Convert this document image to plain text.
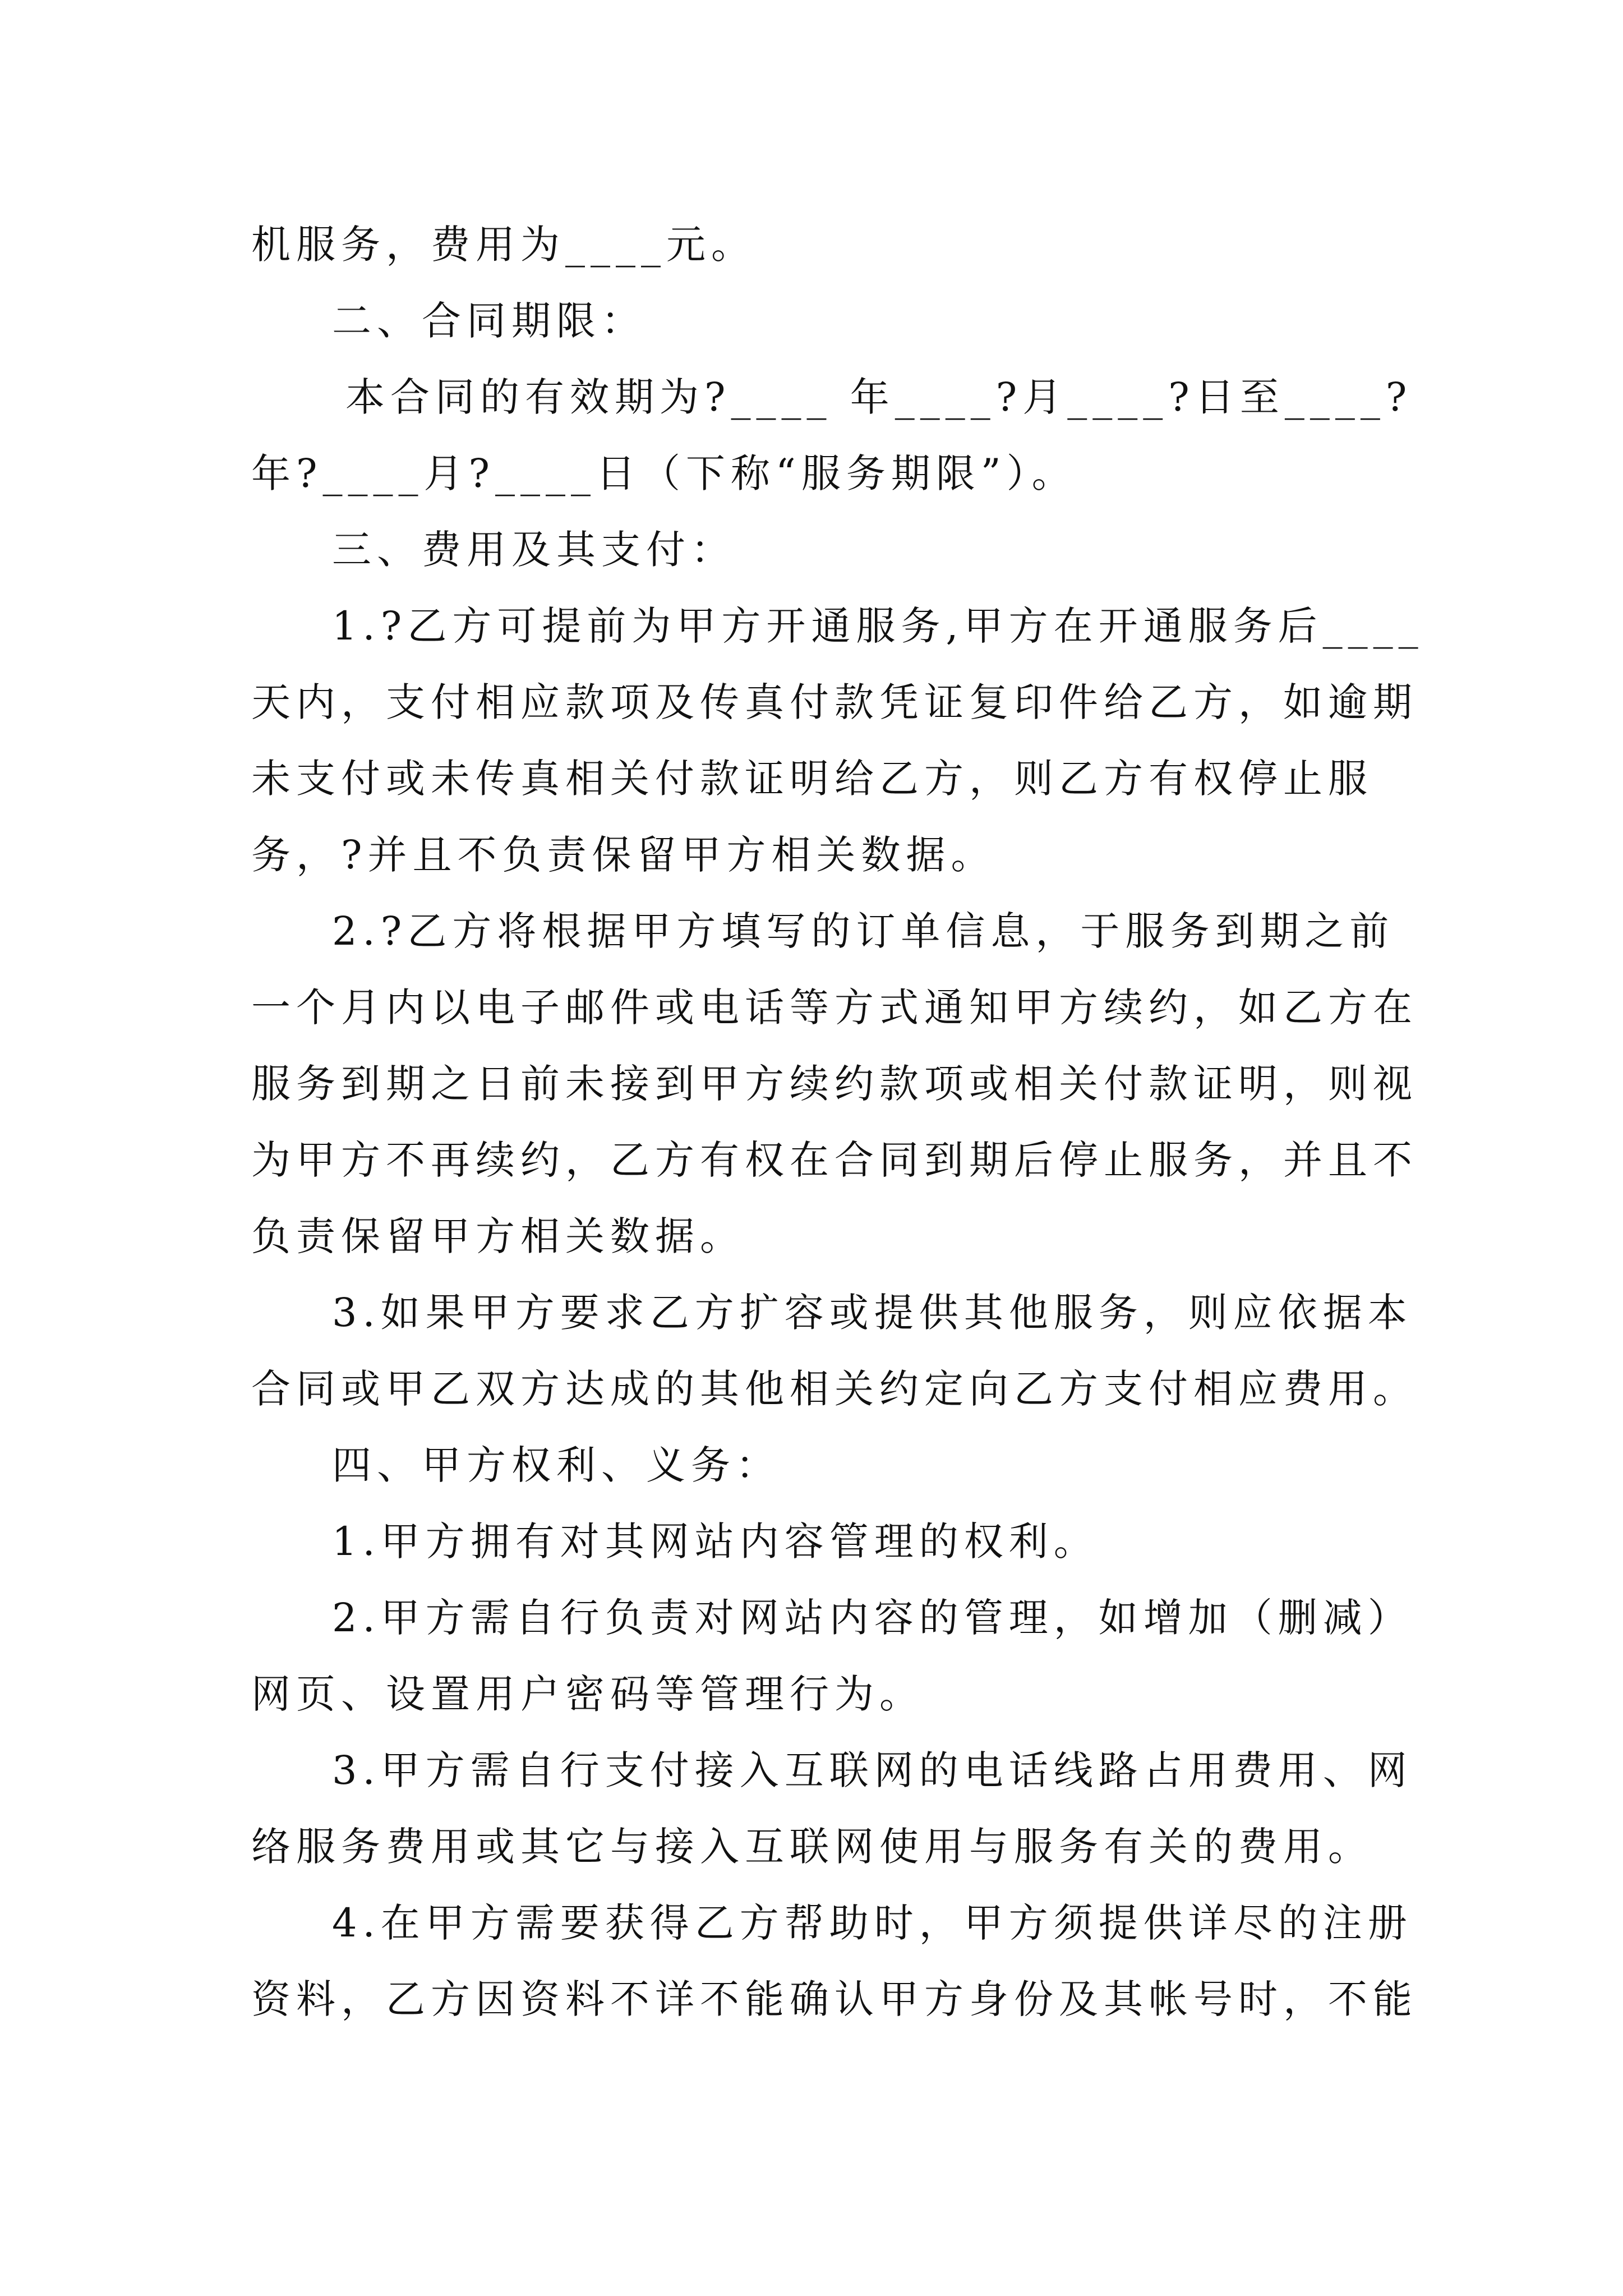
机服务，费用为____元。
二、合同期限：
本合同的有效期为?____ 年____?月____?日至____?
年?____月?____日（下称“服务期限”）。
三、费用及其支付：
1.?乙方可提前为甲方开通服务,甲方在开通服务后____
天内，支付相应款项及传真付款凭证复印件给乙方，如逾期
未支付或未传真相关付款证明给乙方，则乙方有权停止服
务，?并且不负责保留甲方相关数据。
2.?乙方将根据甲方填写的订单信息，于服务到期之前
一个月内以电子邮件或电话等方式通知甲方续约，如乙方在
服务到期之日前未接到甲方续约款项或相关付款证明，则视
为甲方不再续约，乙方有权在合同到期后停止服务，并且不
负责保留甲方相关数据。
3.如果甲方要求乙方扩容或提供其他服务，则应依据本
合同或甲乙双方达成的其他相关约定向乙方支付相应费用。
四、甲方权利、义务：
1.甲方拥有对其网站内容管理的权利。
2.甲方需自行负责对网站内容的管理，如增加（删减）
网页、设置用户密码等管理行为。
3.甲方需自行支付接入互联网的电话线路占用费用、网
络服务费用或其它与接入互联网使用与服务有关的费用。
4.在甲方需要获得乙方帮助时，甲方须提供详尽的注册
资料，乙方因资料不详不能确认甲方身份及其帐号时，不能
